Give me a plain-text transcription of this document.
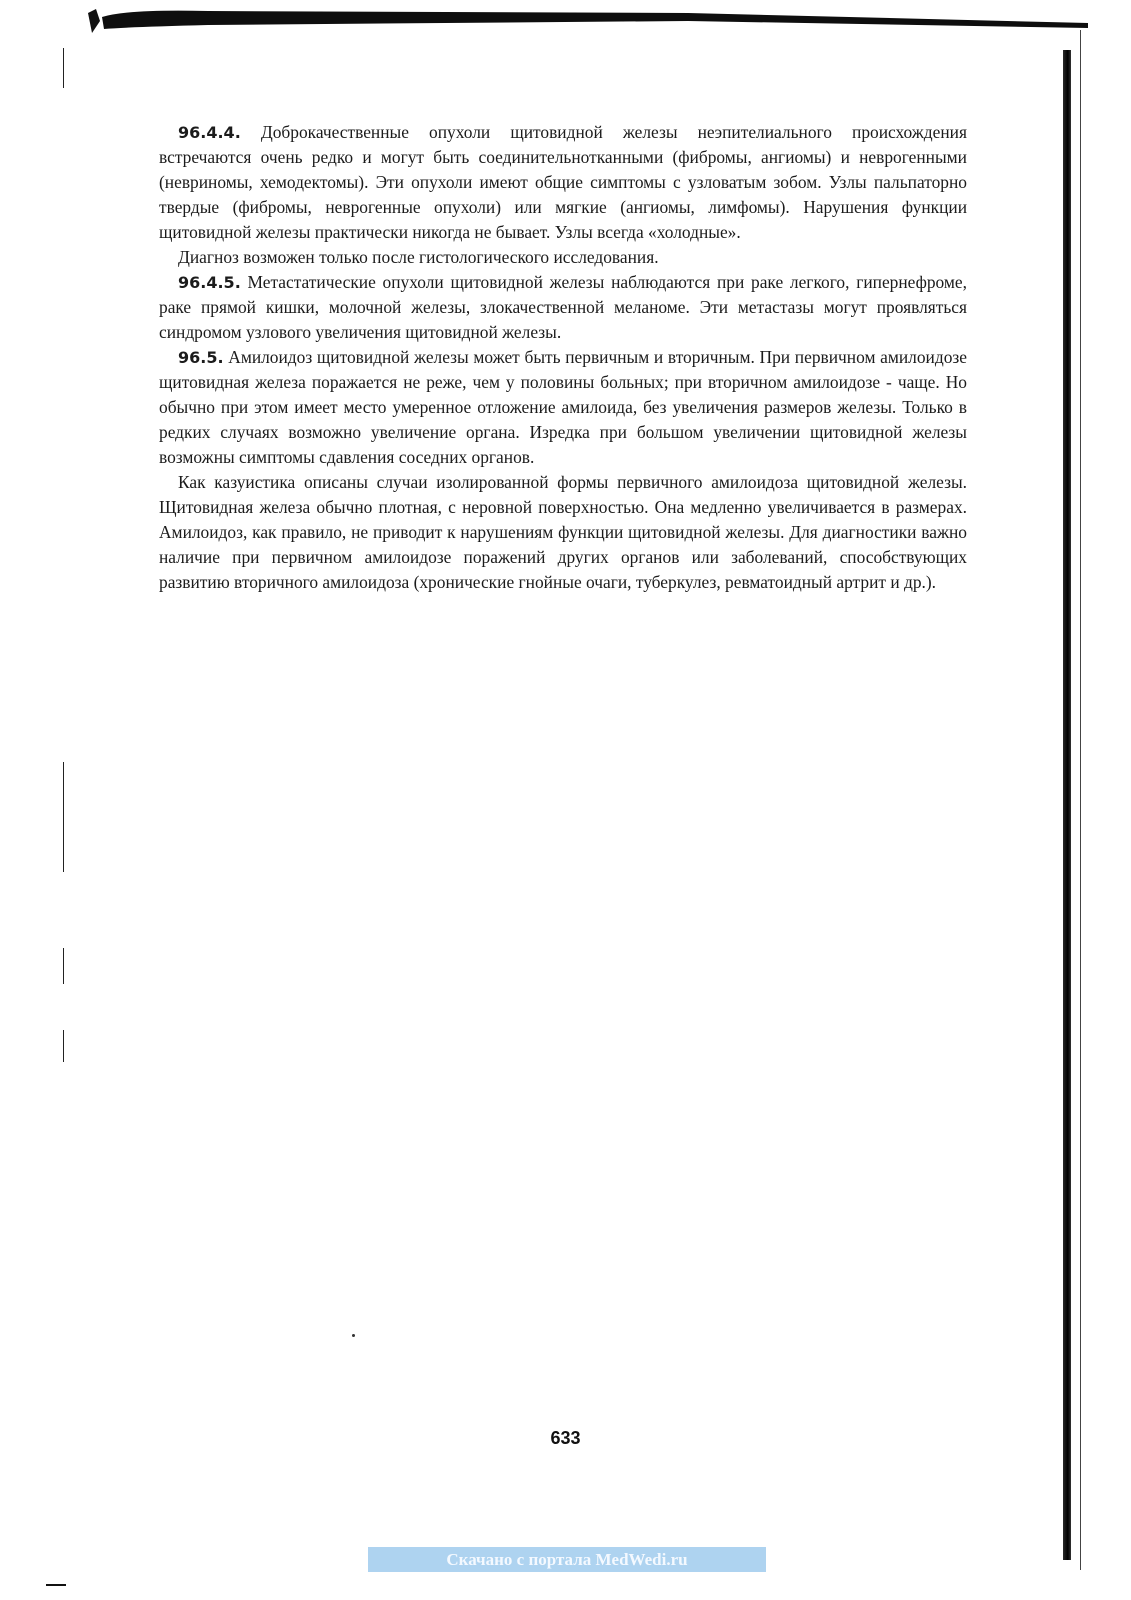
96.4.4. Доброкачественные опухоли щитовидной железы неэпителиального происхождения встречаются очень редко и могут быть соединительнотканными (фибромы, ангиомы) и неврогенными (невриномы, хемодектомы). Эти опухоли имеют общие симптомы с узловатым зобом. Узлы пальпаторно твердые (фибромы, неврогенные опухоли) или мягкие (ангиомы, лимфомы). Нарушения функции щитовидной железы практически никогда не бывает. Узлы всегда «холодные».

Диагноз возможен только после гистологического исследования.

96.4.5. Метастатические опухоли щитовидной железы наблюдаются при раке легкого, гипернефроме, раке прямой кишки, молочной железы, злокачественной меланоме. Эти метастазы могут проявляться синдромом узлового увеличения щитовидной железы.

96.5. Амилоидоз щитовидной железы может быть первичным и вторичным. При первичном амилоидозе щитовидная железа поражается не реже, чем у половины больных; при вторичном амилоидозе - чаще. Но обычно при этом имеет место умеренное отложение амилоида, без увеличения размеров железы. Только в редких случаях возможно увеличение органа. Изредка при большом увеличении щитовидной железы возможны симптомы сдавления соседних органов.

Как казуистика описаны случаи изолированной формы первичного амилоидоза щитовидной железы. Щитовидная железа обычно плотная, с неровной поверхностью. Она медленно увеличивается в размерах. Амилоидоз, как правило, не приводит к нарушениям функции щитовидной железы. Для диагностики важно наличие при первичном амилоидозе поражений других органов или заболеваний, способствующих развитию вторичного амилоидоза (хронические гнойные очаги, туберкулез, ревматоидный артрит и др.).

633
Скачано с портала MedWedi.ru
